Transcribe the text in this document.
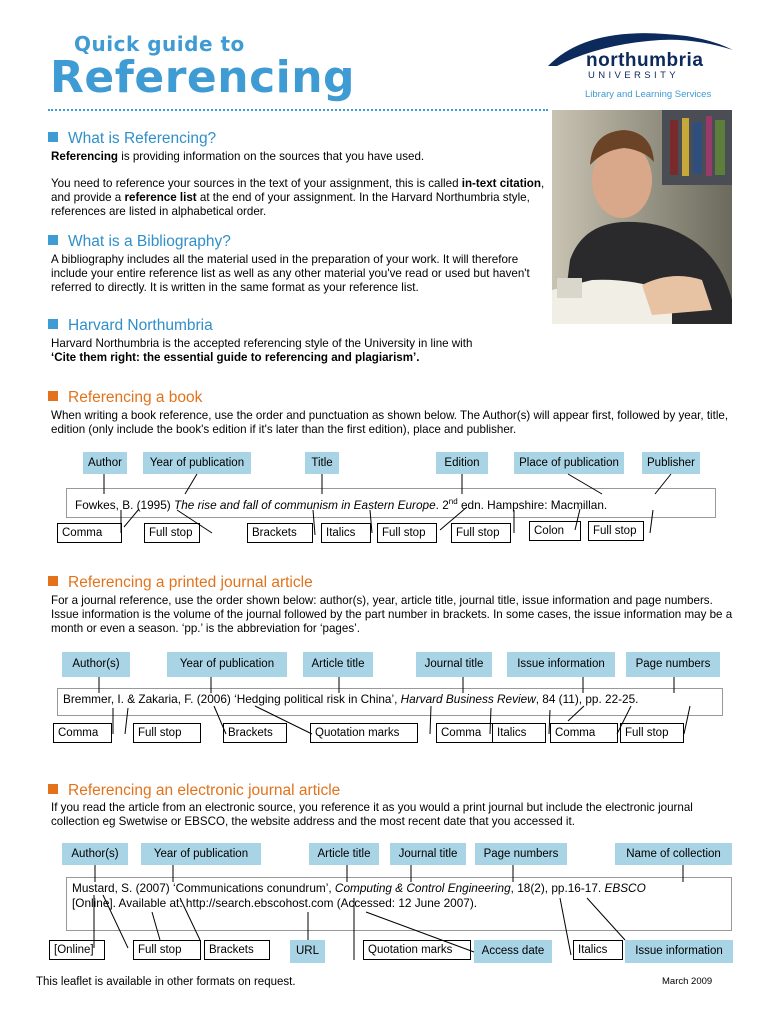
Quick guide to
Referencing	northumbria
UNIVERSITY
Library and Learning Services
What is Referencing?
Referencing is providing information on the sources that you have used.
You need to reference your sources in the text of your assignment, this is called in-text citation, and provide a reference list at the end of your assignment. In the Harvard Northumbria style, references are listed in alphabetical order.
What is a Bibliography?
A bibliography includes all the material used in the preparation of your work. It will therefore include your entire reference list as well as any other material you've read or used but haven't referred to directly. It is written in the same format as your reference list.
Harvard Northumbria
Harvard Northumbria is the accepted referencing style of the University in line with
‘Cite them right: the essential guide to referencing and plagiarism’.
Referencing a book
When writing a book reference, use the order and punctuation as shown below. The Author(s) will appear first, followed by year, title, edition (only include the book's edition if it's later than the first edition), place and publisher.
Author	Year of publication	Title	Edition	Place of publication	Publisher
Fowkes, B. (1995) The rise and fall of communism in Eastern Europe. 2nd edn. Hampshire: Macmillan.
Comma	Full stop	Brackets	Italics	Full stop	Full stop	Colon	Full stop
Referencing a printed journal article
For a journal reference, use the order shown below: author(s), year, article title, journal title, issue information and page numbers. Issue information is the volume of the journal followed by the part number in brackets. In some cases, the issue information may be a month or even a season. ‘pp.’ is the abbreviation for ‘pages’.
Author(s)	Year of publication	Article title	Journal title	Issue information	Page numbers
Bremmer, I. & Zakaria, F. (2006) ‘Hedging political risk in China’, Harvard Business Review, 84 (11), pp. 22-25.
Comma	Full stop	Brackets	Quotation marks	Comma	Italics	Comma	Full stop
Referencing an electronic journal article
If you read the article from an electronic source, you reference it as you would a print journal but include the electronic journal collection eg Swetwise or EBSCO, the website address and the most recent date that you accessed it.
Author(s)	Year of publication	Article title	Journal title	Page numbers	Name of collection
Mustard, S. (2007) ‘Communications conundrum’, Computing & Control Engineering, 18(2), pp.16-17. EBSCO
[Online]. Available at: http://search.ebscohost.com (Accessed: 12 June 2007).
[Online]	Full stop	Brackets	Quotation marks	Italics
URL	Access date	Issue information
This leaflet is available in other formats on request.	March 2009
